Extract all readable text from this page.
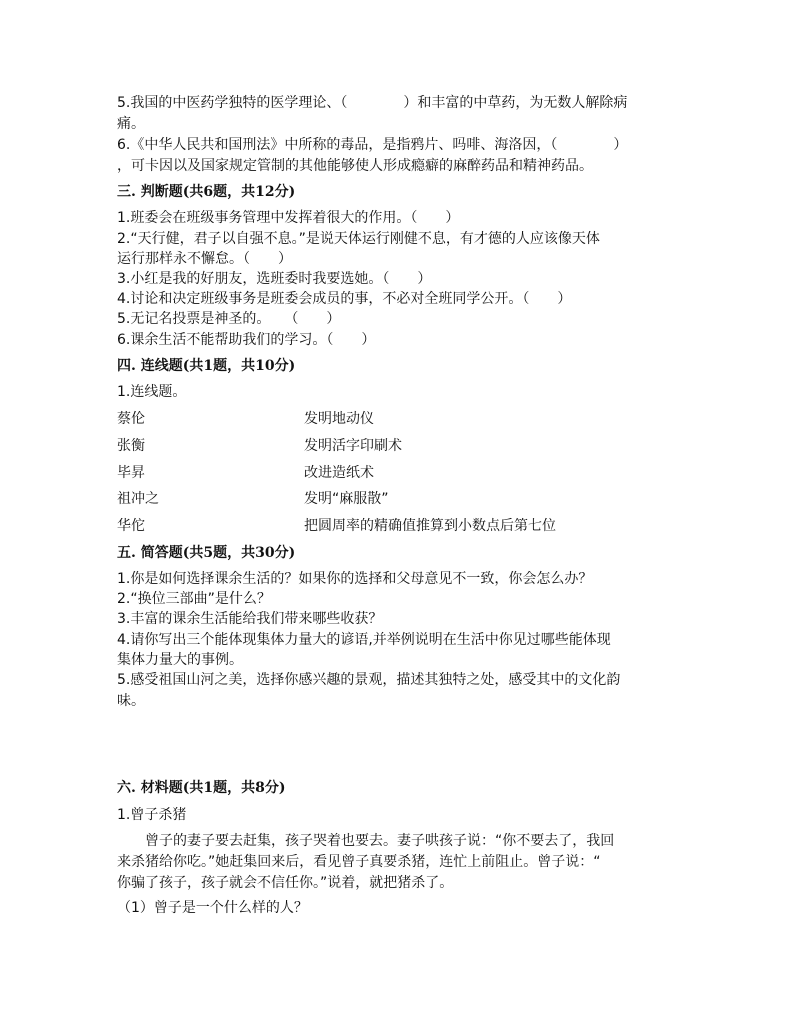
5.我国的中医药学独特的医学理论、（　　　　）和丰富的中草药，为无数人解除病
痛。
6.《中华人民共和国刑法》中所称的毒品，是指鸦片、吗啡、海洛因，（　　　　）
，可卡因以及国家规定管制的其他能够使人形成瘾癖的麻醉药品和精神药品。
三. 判断题(共6题，共12分)
1.班委会在班级事务管理中发挥着很大的作用。（　　）
2.“天行健，君子以自强不息。”是说天体运行刚健不息，有才德的人应该像天体
运行那样永不懈怠。（　　）
3.小红是我的好朋友，选班委时我要选她。（　　）
4.讨论和决定班级事务是班委会成员的事，不必对全班同学公开。（　　）
5.无记名投票是神圣的。　　（　　）
6.课余生活不能帮助我们的学习。（　　）
四. 连线题(共1题，共10分)
1.连线题。
蔡伦	发明地动仪
张衡	发明活字印刷术
毕昇	改进造纸术
祖冲之	发明“麻服散”
华佗	把圆周率的精确值推算到小数点后第七位
五. 简答题(共5题，共30分)
1.你是如何选择课余生活的？如果你的选择和父母意见不一致，你会怎么办？
2.“换位三部曲”是什么？
3.丰富的课余生活能给我们带来哪些收获？
4.请你写出三个能体现集体力量大的谚语,并举例说明在生活中你见过哪些能体现
集体力量大的事例。
5.感受祖国山河之美，选择你感兴趣的景观，描述其独特之处，感受其中的文化韵
味。
六. 材料题(共1题，共8分)
1.曾子杀猪
　　曾子的妻子要去赶集，孩子哭着也要去。妻子哄孩子说：“你不要去了，我回
来杀猪给你吃。”她赶集回来后，看见曾子真要杀猪，连忙上前阻止。曾子说：“
你骗了孩子，孩子就会不信任你。”说着，就把猪杀了。
（1）曾子是一个什么样的人？
